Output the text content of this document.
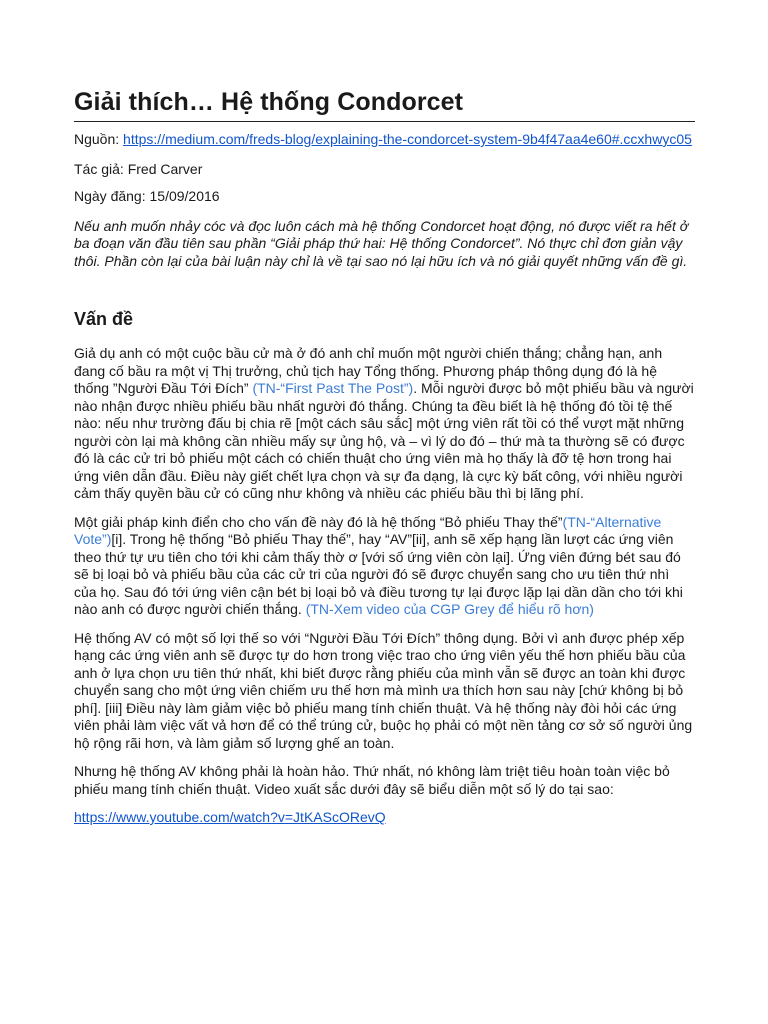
Giải thích… Hệ thống Condorcet

Nguồn: https://medium.com/freds-blog/explaining-the-condorcet-system-9b4f47aa4e60#.ccxhwyc05

Tác giả: Fred Carver

Ngày đăng: 15/09/2016

Nếu anh muốn nhảy cóc và đọc luôn cách mà hệ thống Condorcet hoạt động, nó được viết ra hết ở ba đoạn văn đầu tiên sau phần “Giải pháp thứ hai: Hệ thống Condorcet”. Nó thực chỉ đơn giản vậy thôi. Phần còn lại của bài luận này chỉ là về tại sao nó lại hữu ích và nó giải quyết những vấn đề gì.

Vấn đề

Giả dụ anh có một cuộc bầu cử mà ở đó anh chỉ muốn một người chiến thắng; chẳng hạn, anh đang cố bầu ra một vị Thị trưởng, chủ tịch hay Tổng thống. Phương pháp thông dụng đó là hệ thống ”Người Đầu Tới Đích” (TN-“First Past The Post”). Mỗi người được bỏ một phiếu bầu và người nào nhận được nhiều phiếu bầu nhất người đó thắng. Chúng ta đều biết là hệ thống đó tồi tệ thế nào: nếu như trường đấu bị chia rẽ [một cách sâu sắc] một ứng viên rất tồi có thể vượt mặt những người còn lại mà không cần nhiều mấy sự ủng hộ, và – vì lý do đó – thứ mà ta thường sẽ có được đó là các cử tri bỏ phiếu một cách có chiến thuật cho ứng viên mà họ thấy là đỡ tệ hơn trong hai ứng viên dẫn đầu. Điều này giết chết lựa chọn và sự đa dạng, là cực kỳ bất công, với nhiều người cảm thấy quyền bầu cử có cũng như không và nhiều các phiếu bầu thì bị lãng phí.

Một giải pháp kinh điển cho cho vấn đề này đó là hệ thống “Bỏ phiếu Thay thế”(TN-“Alternative Vote”)[i]. Trong hệ thống “Bỏ phiếu Thay thế”, hay “AV”[ii], anh sẽ xếp hạng lần lượt các ứng viên theo thứ tự ưu tiên cho tới khi cảm thấy thờ ơ [với số ứng viên còn lại]. Ứng viên đứng bét sau đó sẽ bị loại bỏ và phiếu bầu của các cử tri của người đó sẽ được chuyển sang cho ưu tiên thứ nhì của họ. Sau đó tới ứng viên cận bét bị loại bỏ và điều tương tự lại được lặp lại dần dần cho tới khi nào anh có được người chiến thắng. (TN-Xem video của CGP Grey để hiểu rõ hơn)

Hệ thống AV có một số lợi thế so với “Người Đầu Tới Đích” thông dụng. Bởi vì anh được phép xếp hạng các ứng viên anh sẽ được tự do hơn trong việc trao cho ứng viên yếu thế hơn phiếu bầu của anh ở lựa chọn ưu tiên thứ nhất, khi biết được rằng phiếu của mình vẫn sẽ được an toàn khi được chuyển sang cho một ứng viên chiếm ưu thế hơn mà mình ưa thích hơn sau này [chứ không bị bỏ phí]. [iii] Điều này làm giảm việc bỏ phiếu mang tính chiến thuật. Và hệ thống này đòi hỏi các ứng viên phải làm việc vất vả hơn để có thể trúng cử, buộc họ phải có một nền tảng cơ sở số người ủng hộ rộng rãi hơn, và làm giảm số lượng ghế an toàn.

Nhưng hệ thống AV không phải là hoàn hảo. Thứ nhất, nó không làm triệt tiêu hoàn toàn việc bỏ phiếu mang tính chiến thuật. Video xuất sắc dưới đây sẽ biểu diễn một số lý do tại sao:

https://www.youtube.com/watch?v=JtKAScORevQ
